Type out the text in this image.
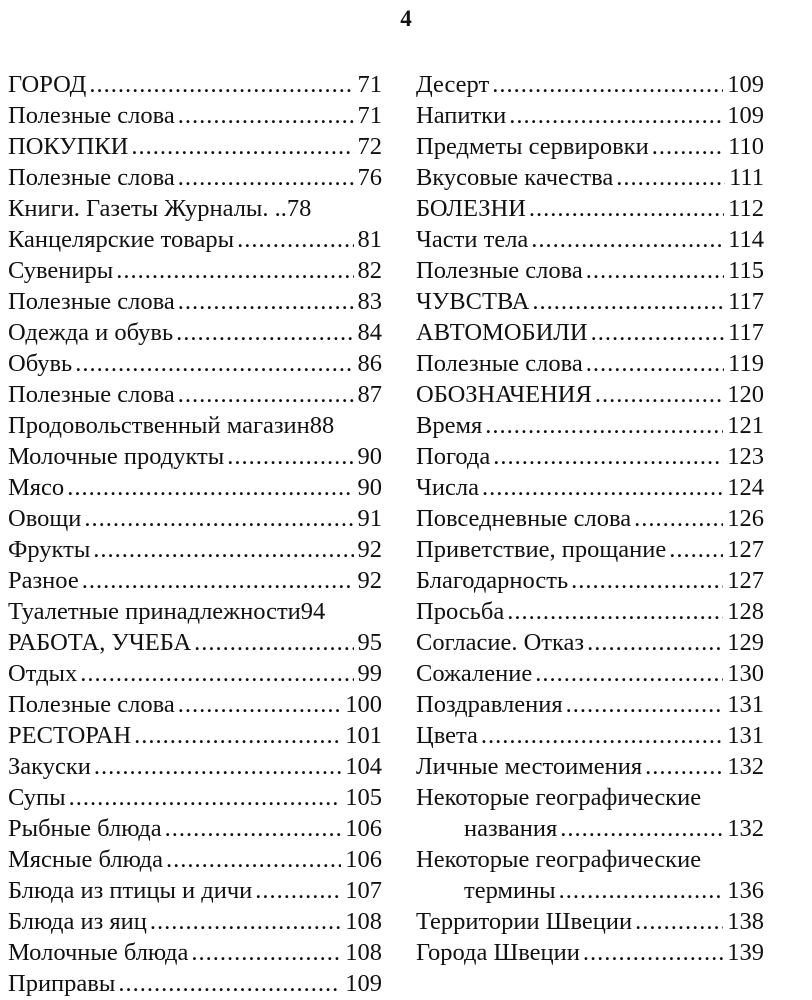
4
ГОРОД .....	71
Полезные слова .....	71
ПОКУПКИ .....	72
Полезные слова .....	76
Книги. Газеты Журналы. .. 78
Канцелярские товары .....	81
Сувениры .....	82
Полезные слова .....	83
Одежда и обувь .....	84
Обувь .....	86
Полезные слова .....	87
Продовольственный магазин 88
Молочные продукты .....	90
Мясо .....	90
Овощи .....	91
Фрукты .....	92
Разное .....	92
Туалетные принадлежности 94
РАБОТА, УЧЕБА .....	95
Отдых .....	99
Полезные слова .....	100
РЕСТОРАН .....	101
Закуски .....	104
Супы .....	105
Рыбные блюда .....	106
Мясные блюда .....	106
Блюда из птицы и дичи .....	107
Блюда из яиц .....	108
Молочные блюда .....	108
Приправы .....	109
Десерт .....	109
Напитки .....	109
Предметы сервировки .....	110
Вкусовые качества .....	111
БОЛЕЗНИ .....	112
Части тела .....	114
Полезные слова .....	115
ЧУВСТВА .....	117
АВТОМОБИЛИ .....	117
Полезные слова .....	119
ОБОЗНАЧЕНИЯ .....	120
Время .....	121
Погода .....	123
Числа .....	124
Повседневные слова .....	126
Приветствие, прощание ..... 127
Благодарность .....	127
Просьба .....	128
Согласие. Отказ .....	129
Сожаление .....	130
Поздравления .....	131
Цвета .....	131
Личные местоимения .....	132
Некоторые географические
названия .....	132
Некоторые географические
термины .....	136
Территории Швеции .....	138
Города Швеции .....	139
